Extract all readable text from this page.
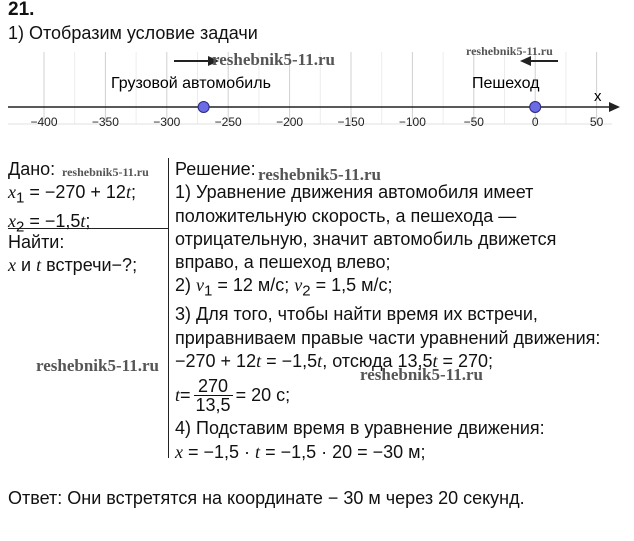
21.
1) Отобразим условие задачи
x
−400	−350	−300	−250	−200	−150	−100	−50	0	50
Грузовой автомобиль	Пешеход
reshebnik5-11.ru	reshebnik5-11.ru
reshebnik5-11.ru	reshebnik5-11.ru
reshebnik5-11.ru	reshebnik5-11.ru
Дано:
$x_1 = -270 + 12t$;
$x_2 = -1,5t$;
Найти:
x и t встречи−?;
Решение:
1) Уравнение движения автомобиля имеет
положительную скорость, а пешехода —
отрицательную, значит автомобиль движется
вправо, а пешеход влево;
2) $v_1 = 12$ м/с; $v_2 = 1,5$ м/с;
3) Для того, чтобы найти время их встречи,
приравниваем правые части уравнений движения:
−270 + 12t = −1,5t, отсюда 13,5t = 270;
$t = \frac{270}{13,5} = 20$ с;
4) Подставим время в уравнение движения:
x = −1,5 · t = −1,5 · 20 = −30 м;
Ответ: Они встретятся на координате − 30 м через 20 секунд.
